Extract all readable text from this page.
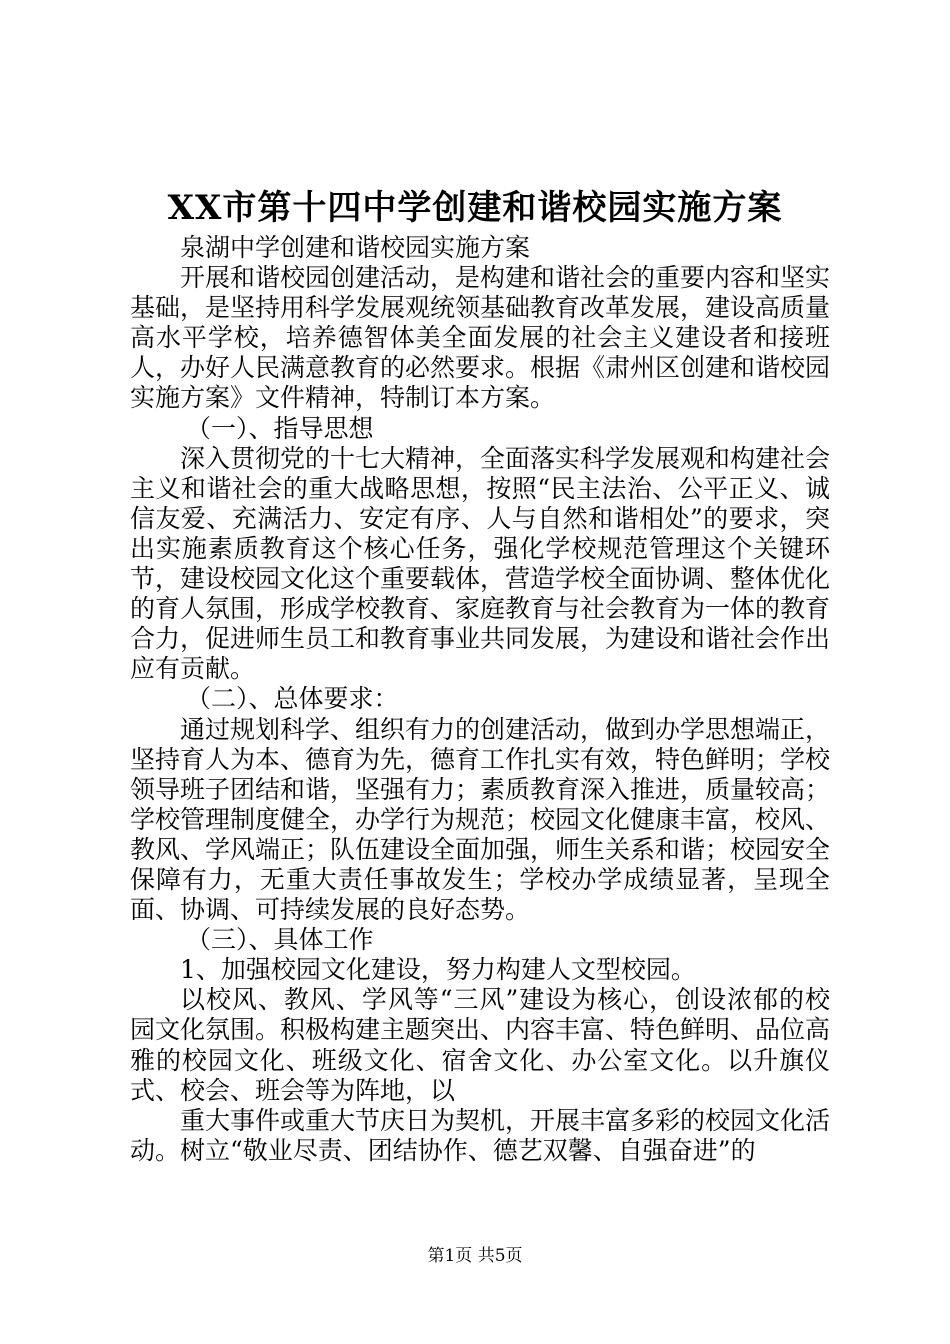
XX市第十四中学创建和谐校园实施方案

泉湖中学创建和谐校园实施方案

开展和谐校园创建活动，是构建和谐社会的重要内容和坚实基础，是坚持用科学发展观统领基础教育改革发展，建设高质量高水平学校，培养德智体美全面发展的社会主义建设者和接班人，办好人民满意教育的必然要求。根据《肃州区创建和谐校园实施方案》文件精神，特制订本方案。

（一）、指导思想

深入贯彻党的十七大精神，全面落实科学发展观和构建社会主义和谐社会的重大战略思想，按照“民主法治、公平正义、诚信友爱、充满活力、安定有序、人与自然和谐相处”的要求，突出实施素质教育这个核心任务，强化学校规范管理这个关键环节，建设校园文化这个重要载体，营造学校全面协调、整体优化的育人氛围，形成学校教育、家庭教育与社会教育为一体的教育合力，促进师生员工和教育事业共同发展，为建设和谐社会作出应有贡献。

（二）、总体要求：

通过规划科学、组织有力的创建活动，做到办学思想端正，坚持育人为本、德育为先，德育工作扎实有效，特色鲜明；学校领导班子团结和谐，坚强有力；素质教育深入推进，质量较高；学校管理制度健全，办学行为规范；校园文化健康丰富，校风、教风、学风端正；队伍建设全面加强，师生关系和谐；校园安全保障有力，无重大责任事故发生；学校办学成绩显著，呈现全面、协调、可持续发展的良好态势。

（三）、具体工作

1、加强校园文化建设，努力构建人文型校园。

以校风、教风、学风等“三风”建设为核心，创设浓郁的校园文化氛围。积极构建主题突出、内容丰富、特色鲜明、品位高雅的校园文化、班级文化、宿舍文化、办公室文化。以升旗仪式、校会、班会等为阵地，以

重大事件或重大节庆日为契机，开展丰富多彩的校园文化活动。树立“敬业尽责、团结协作、德艺双馨、自强奋进”的

第1页 共5页
